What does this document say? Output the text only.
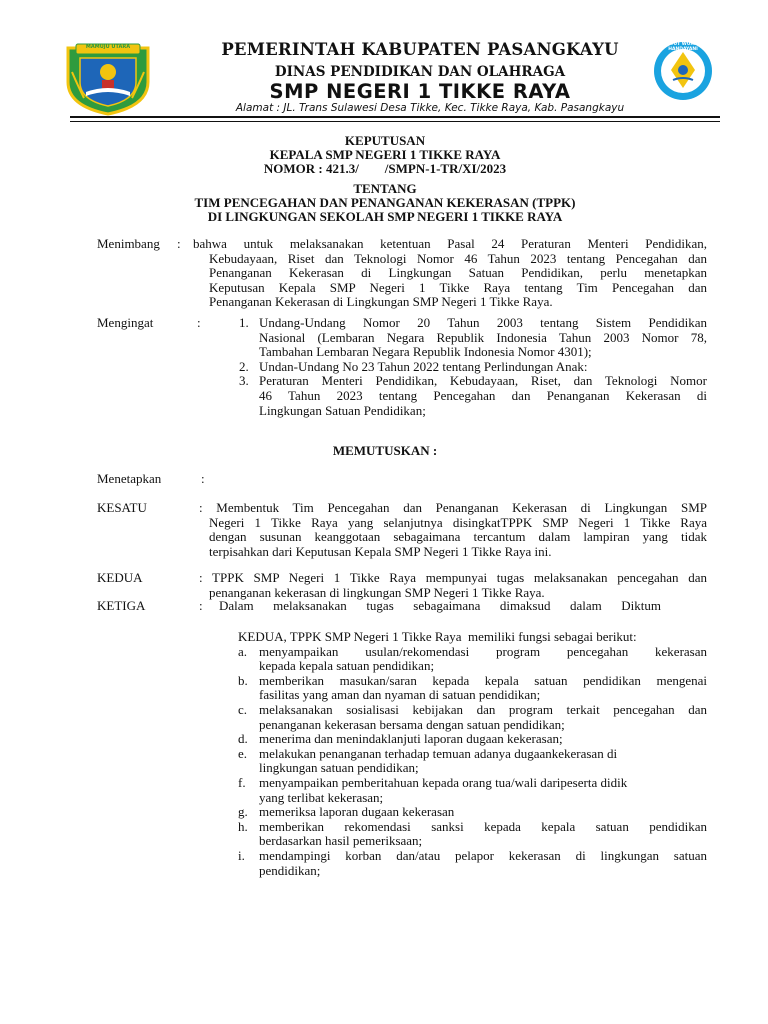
MAMUJU UTARA	TUT WURI HANDAYANI
PEMERINTAH KABUPATEN PASANGKAYU
DINAS PENDIDIKAN DAN OLAHRAGA
SMP NEGERI 1 TIKKE RAYA
Alamat : JL. Trans Sulawesi Desa Tikke, Kec. Tikke Raya, Kab. Pasangkayu
KEPUTUSAN
KEPALA SMP NEGERI 1 TIKKE RAYA
NOMOR : 421.3/        /SMPN-1-TR/XI/2023
TENTANG
TIM PENCEGAHAN DAN PENANGANAN KEKERASAN (TPPK)
DI LINGKUNGAN SEKOLAH SMP NEGERI 1 TIKKE RAYA
Menimbang : bahwa untuk melaksanakan ketentuan Pasal 24 Peraturan Menteri Pendidikan,
Kebudayaan, Riset dan Teknologi Nomor 46 Tahun 2023 tentang Pencegahan dan
Penanganan Kekerasan di Lingkungan Satuan Pendidikan, perlu menetapkan
Keputusan Kepala SMP Negeri 1 Tikke Raya tentang Tim Pencegahan dan
Penanganan Kekerasan di Lingkungan SMP Negeri 1 Tikke Raya.
Mengingat	:	1. Undang-Undang Nomor 20 Tahun 2003 tentang Sistem Pendidikan
Nasional (Lembaran Negara Republik Indonesia Tahun 2003 Nomor 78,
Tambahan Lembaran Negara Republik Indonesia Nomor 4301);
2. Undan-Undang No 23 Tahun 2022 tentang Perlindungan Anak:
3. Peraturan Menteri Pendidikan, Kebudayaan, Riset, dan Teknologi Nomor
46 Tahun 2023 tentang Pencegahan dan Penanganan Kekerasan di
Lingkungan Satuan Pendidikan;
MEMUTUSKAN :
Menetapkan	:
KESATU	: Membentuk Tim Pencegahan dan Penanganan Kekerasan di Lingkungan SMP
Negeri 1 Tikke Raya yang selanjutnya disingkatTPPK SMP Negeri 1 Tikke Raya
dengan susunan keanggotaan sebagaimana tercantum dalam lampiran yang tidak
terpisahkan dari Keputusan Kepala SMP Negeri 1 Tikke Raya ini.
KEDUA	: TPPK SMP Negeri 1 Tikke Raya mempunyai tugas melaksanakan pencegahan dan
penanganan kekerasan di lingkungan SMP Negeri 1 Tikke Raya.
KETIGA	: Dalam melaksanakan tugas sebagaimana dimaksud dalam Diktum
KEDUA, TPPK SMP Negeri 1 Tikke Raya  memiliki fungsi sebagai berikut:
a. menyampaikan usulan/rekomendasi program pencegahan kekerasan
kepada kepala satuan pendidikan;
b. memberikan masukan/saran kepada kepala satuan pendidikan mengenai
fasilitas yang aman dan nyaman di satuan pendidikan;
c. melaksanakan sosialisasi kebijakan dan program terkait pencegahan dan
penanganan kekerasan bersama dengan satuan pendidikan;
d. menerima dan menindaklanjuti laporan dugaan kekerasan;
e. melakukan penanganan terhadap temuan adanya dugaankekerasan di
lingkungan satuan pendidikan;
f. menyampaikan pemberitahuan kepada orang tua/wali daripeserta didik
yang terlibat kekerasan;
g. memeriksa laporan dugaan kekerasan
h. memberikan rekomendasi sanksi kepada kepala satuan pendidikan
berdasarkan hasil pemeriksaan;
i. mendampingi korban dan/atau pelapor kekerasan di lingkungan satuan
pendidikan;
